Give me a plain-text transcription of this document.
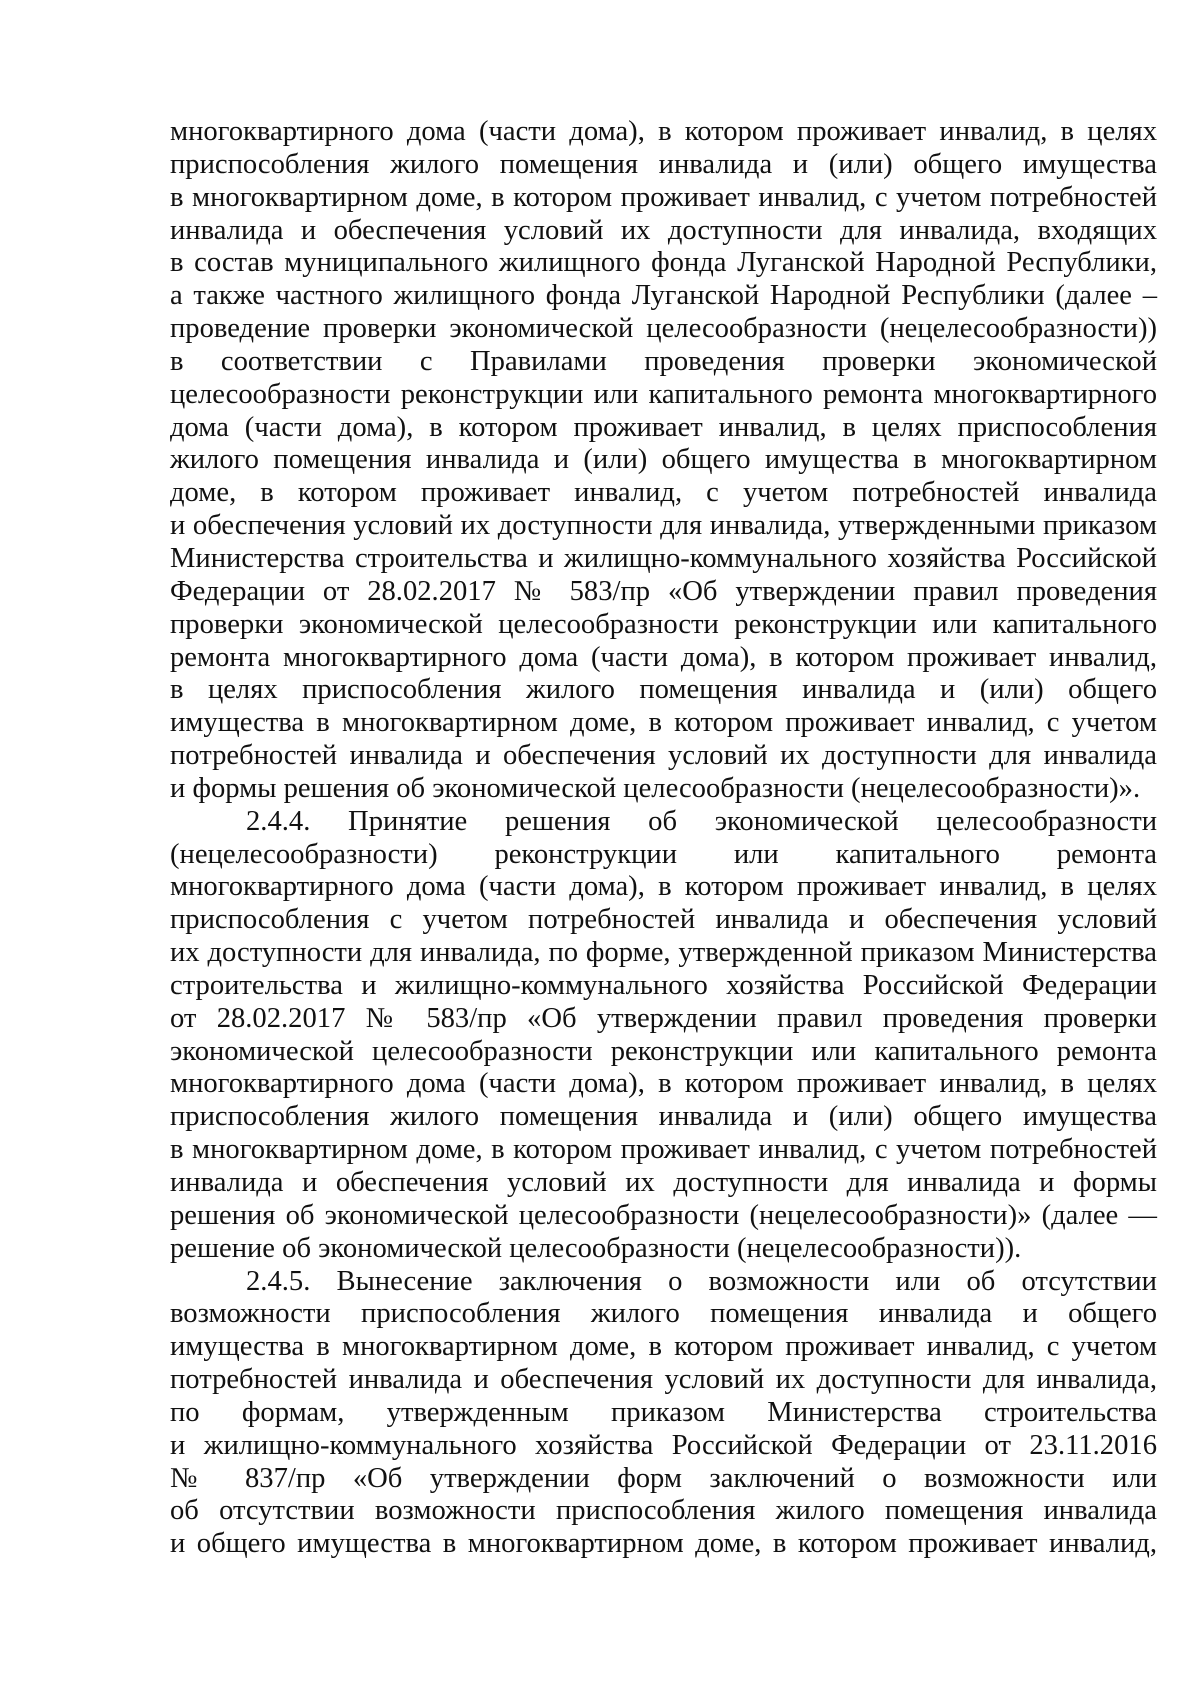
многоквартирного дома (части дома), в котором проживает инвалид, в целях
приспособления жилого помещения инвалида и (или) общего имущества
в многоквартирном доме, в котором проживает инвалид, с учетом потребностей
инвалида и обеспечения условий их доступности для инвалида, входящих
в состав муниципального жилищного фонда Луганской Народной Республики,
а также частного жилищного фонда Луганской Народной Республики (далее –
проведение проверки экономической целесообразности (нецелесообразности))
в соответствии с Правилами проведения проверки экономической
целесообразности реконструкции или капитального ремонта многоквартирного
дома (части дома), в котором проживает инвалид, в целях приспособления
жилого помещения инвалида и (или) общего имущества в многоквартирном
доме, в котором проживает инвалид, с учетом потребностей инвалида
и обеспечения условий их доступности для инвалида, утвержденными приказом
Министерства строительства и жилищно-коммунального хозяйства Российской
Федерации от 28.02.2017 № 583/пр «Об утверждении правил проведения
проверки экономической целесообразности реконструкции или капитального
ремонта многоквартирного дома (части дома), в котором проживает инвалид,
в целях приспособления жилого помещения инвалида и (или) общего
имущества в многоквартирном доме, в котором проживает инвалид, с учетом
потребностей инвалида и обеспечения условий их доступности для инвалида
и формы решения об экономической целесообразности (нецелесообразности)».
2.4.4. Принятие решения об экономической целесообразности
(нецелесообразности) реконструкции или капитального ремонта
многоквартирного дома (части дома), в котором проживает инвалид, в целях
приспособления с учетом потребностей инвалида и обеспечения условий
их доступности для инвалида, по форме, утвержденной приказом Министерства
строительства и жилищно-коммунального хозяйства Российской Федерации
от 28.02.2017 № 583/пр «Об утверждении правил проведения проверки
экономической целесообразности реконструкции или капитального ремонта
многоквартирного дома (части дома), в котором проживает инвалид, в целях
приспособления жилого помещения инвалида и (или) общего имущества
в многоквартирном доме, в котором проживает инвалид, с учетом потребностей
инвалида и обеспечения условий их доступности для инвалида и формы
решения об экономической целесообразности (нецелесообразности)» (далее —
решение об экономической целесообразности (нецелесообразности)).
2.4.5. Вынесение заключения о возможности или об отсутствии
возможности приспособления жилого помещения инвалида и общего
имущества в многоквартирном доме, в котором проживает инвалид, с учетом
потребностей инвалида и обеспечения условий их доступности для инвалида,
по формам, утвержденным приказом Министерства строительства
и жилищно-коммунального хозяйства Российской Федерации от 23.11.2016
№ 837/пр «Об утверждении форм заключений о возможности или
об отсутствии возможности приспособления жилого помещения инвалида
и общего имущества в многоквартирном доме, в котором проживает инвалид,
